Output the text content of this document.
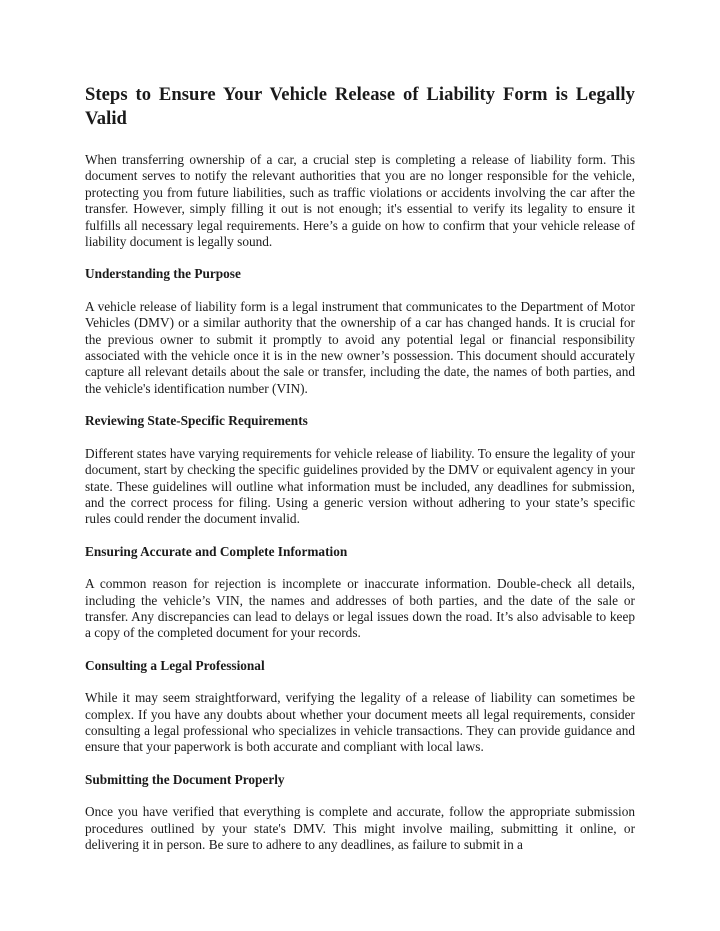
Steps to Ensure Your Vehicle Release of Liability Form is Legally Valid

When transferring ownership of a car, a crucial step is completing a release of liability form. This document serves to notify the relevant authorities that you are no longer responsible for the vehicle, protecting you from future liabilities, such as traffic violations or accidents involving the car after the transfer. However, simply filling it out is not enough; it's essential to verify its legality to ensure it fulfills all necessary legal requirements. Here’s a guide on how to confirm that your vehicle release of liability document is legally sound.

Understanding the Purpose

A vehicle release of liability form is a legal instrument that communicates to the Department of Motor Vehicles (DMV) or a similar authority that the ownership of a car has changed hands. It is crucial for the previous owner to submit it promptly to avoid any potential legal or financial responsibility associated with the vehicle once it is in the new owner’s possession. This document should accurately capture all relevant details about the sale or transfer, including the date, the names of both parties, and the vehicle's identification number (VIN).

Reviewing State-Specific Requirements

Different states have varying requirements for vehicle release of liability. To ensure the legality of your document, start by checking the specific guidelines provided by the DMV or equivalent agency in your state. These guidelines will outline what information must be included, any deadlines for submission, and the correct process for filing. Using a generic version without adhering to your state’s specific rules could render the document invalid.

Ensuring Accurate and Complete Information

A common reason for rejection is incomplete or inaccurate information. Double-check all details, including the vehicle’s VIN, the names and addresses of both parties, and the date of the sale or transfer. Any discrepancies can lead to delays or legal issues down the road. It’s also advisable to keep a copy of the completed document for your records.

Consulting a Legal Professional

While it may seem straightforward, verifying the legality of a release of liability can sometimes be complex. If you have any doubts about whether your document meets all legal requirements, consider consulting a legal professional who specializes in vehicle transactions. They can provide guidance and ensure that your paperwork is both accurate and compliant with local laws.

Submitting the Document Properly

Once you have verified that everything is complete and accurate, follow the appropriate submission procedures outlined by your state's DMV. This might involve mailing, submitting it online, or delivering it in person. Be sure to adhere to any deadlines, as failure to submit in a
